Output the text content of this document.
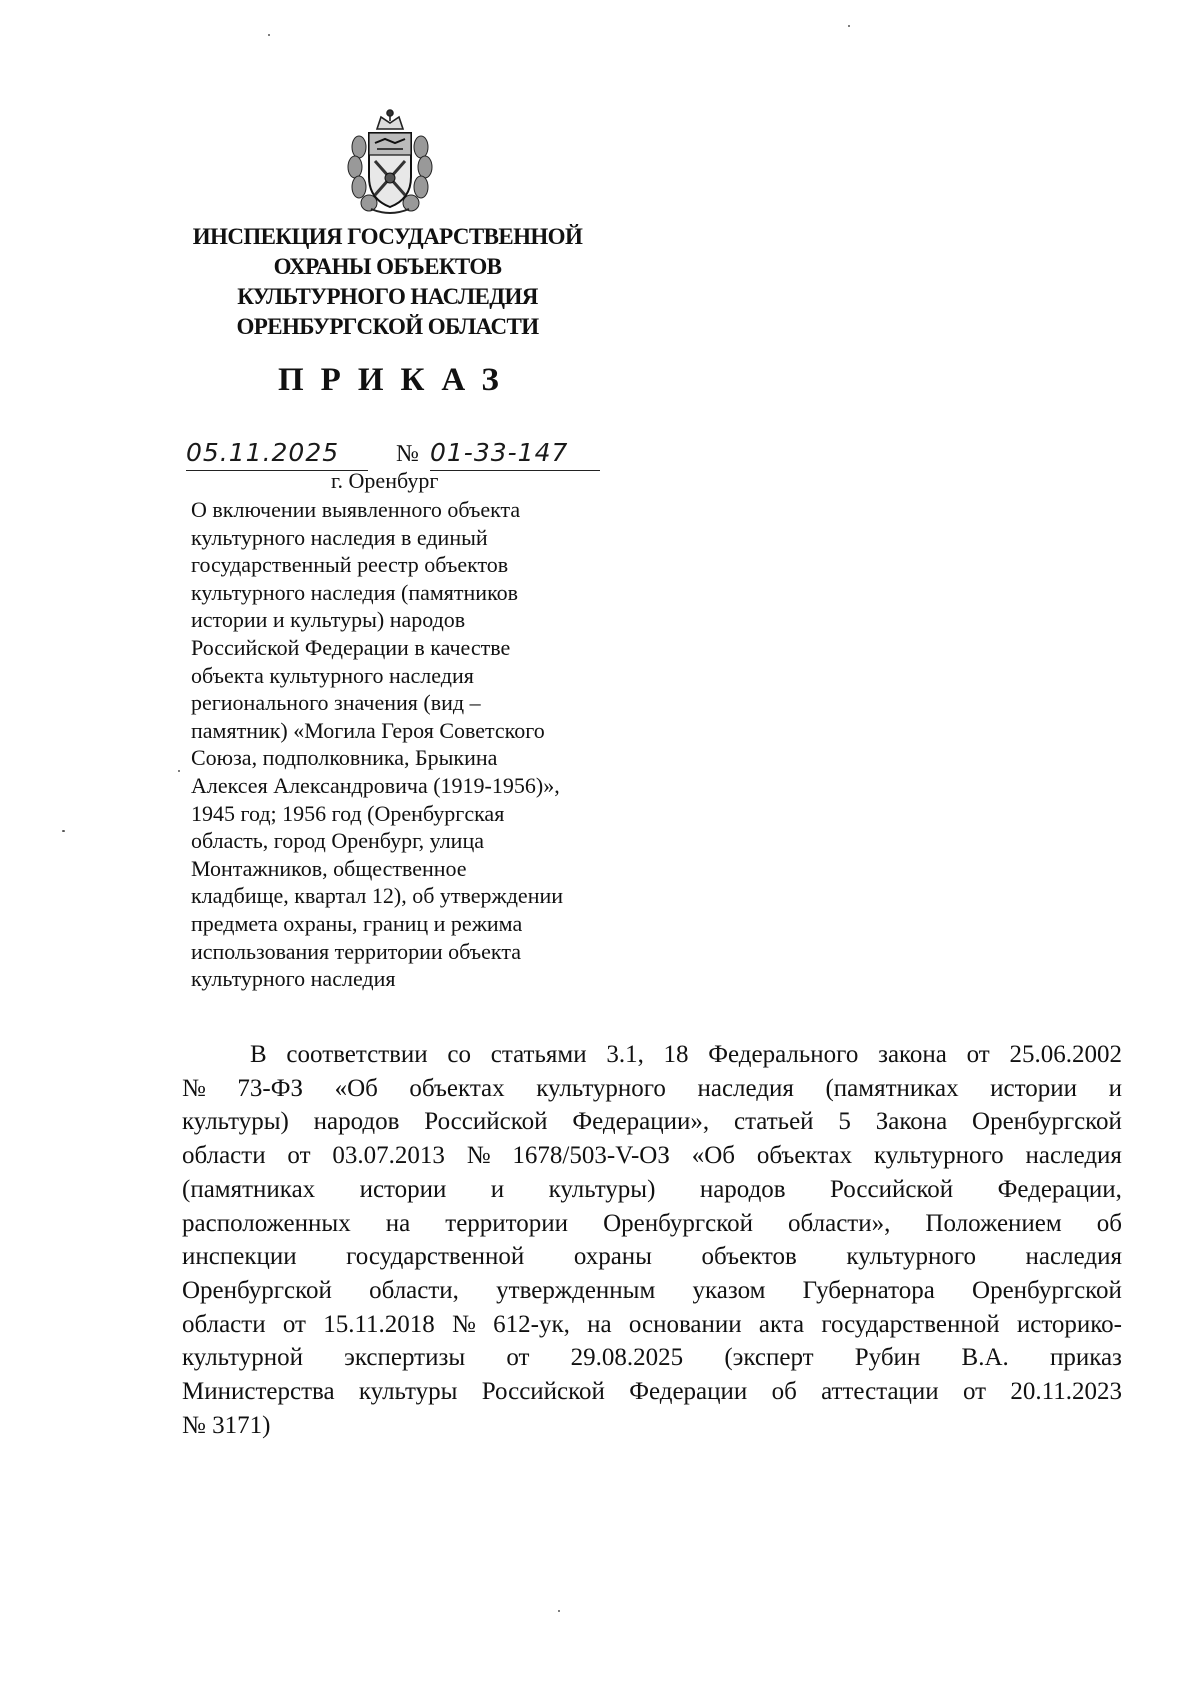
ИНСПЕКЦИЯ ГОСУДАРСТВЕННОЙ
ОХРАНЫ ОБЪЕКТОВ
КУЛЬТУРНОГО НАСЛЕДИЯ
ОРЕНБУРГСКОЙ ОБЛАСТИ
ПРИКАЗ
05.11.2025	№ 01-33-147
г. Оренбург
О включении выявленного объекта
культурного наследия в единый
государственный реестр объектов
культурного наследия (памятников
истории и культуры) народов
Российской Федерации в качестве
объекта культурного наследия
регионального значения (вид –
памятник) «Могила Героя Советского
Союза, подполковника, Брыкина
Алексея Александровича (1919-1956)»,
1945 год; 1956 год (Оренбургская
область, город Оренбург, улица
Монтажников, общественное
кладбище, квартал 12), об утверждении
предмета охраны, границ и режима
использования территории объекта
культурного наследия
В соответствии со статьями 3.1, 18 Федерального закона от 25.06.2002
№ 73-ФЗ «Об объектах культурного наследия (памятниках истории и
культуры) народов Российской Федерации», статьей 5 Закона Оренбургской
области от 03.07.2013 № 1678/503-V-ОЗ «Об объектах культурного наследия
(памятниках истории и культуры) народов Российской Федерации,
расположенных на территории Оренбургской области», Положением об
инспекции государственной охраны объектов культурного наследия
Оренбургской области, утвержденным указом Губернатора Оренбургской
области от 15.11.2018 № 612-ук, на основании акта государственной историко-
культурной экспертизы от 29.08.2025 (эксперт Рубин В.А. приказ
Министерства культуры Российской Федерации об аттестации от 20.11.2023
№ 3171)
